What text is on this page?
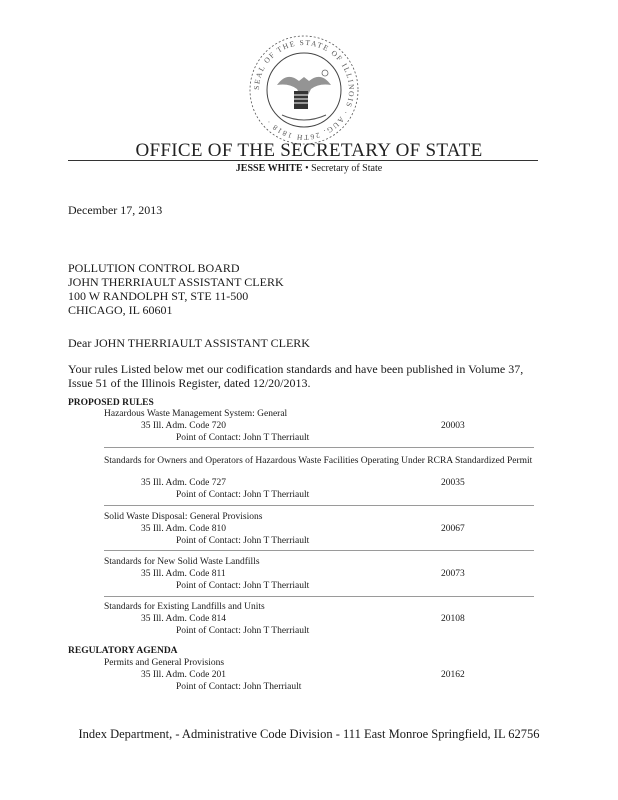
SEAL OF THE STATE OF ILLINOIS · AUG. 26TH 1818 ·
OFFICE OF THE SECRETARY OF STATE
JESSE WHITE • Secretary of State
December 17, 2013
POLLUTION CONTROL BOARD
JOHN THERRIAULT ASSISTANT CLERK
100 W RANDOLPH ST, STE 11-500
CHICAGO, IL 60601
Dear JOHN THERRIAULT ASSISTANT CLERK
Your rules Listed below met our codification standards and have been published in Volume 37, Issue 51 of the Illinois Register, dated 12/20/2013.
PROPOSED RULES
Hazardous Waste Management System: General
35 Ill. Adm. Code 720	20003
Point of Contact: John T Therriault
Standards for Owners and Operators of Hazardous Waste Facilities Operating Under RCRA Standardized Permit
35 Ill. Adm. Code 727	20035
Point of Contact: John T Therriault
Solid Waste Disposal: General Provisions
35 Ill. Adm. Code 810	20067
Point of Contact: John T Therriault
Standards for New Solid Waste Landfills
35 Ill. Adm. Code 811	20073
Point of Contact: John T Therriault
Standards for Existing Landfills and Units
35 Ill. Adm. Code 814	20108
Point of Contact: John T Therriault
REGULATORY AGENDA
Permits and General Provisions
35 Ill. Adm. Code 201	20162
Point of Contact: John Therriault
Index Department, - Administrative Code Division - 111 East Monroe Springfield, IL 62756
